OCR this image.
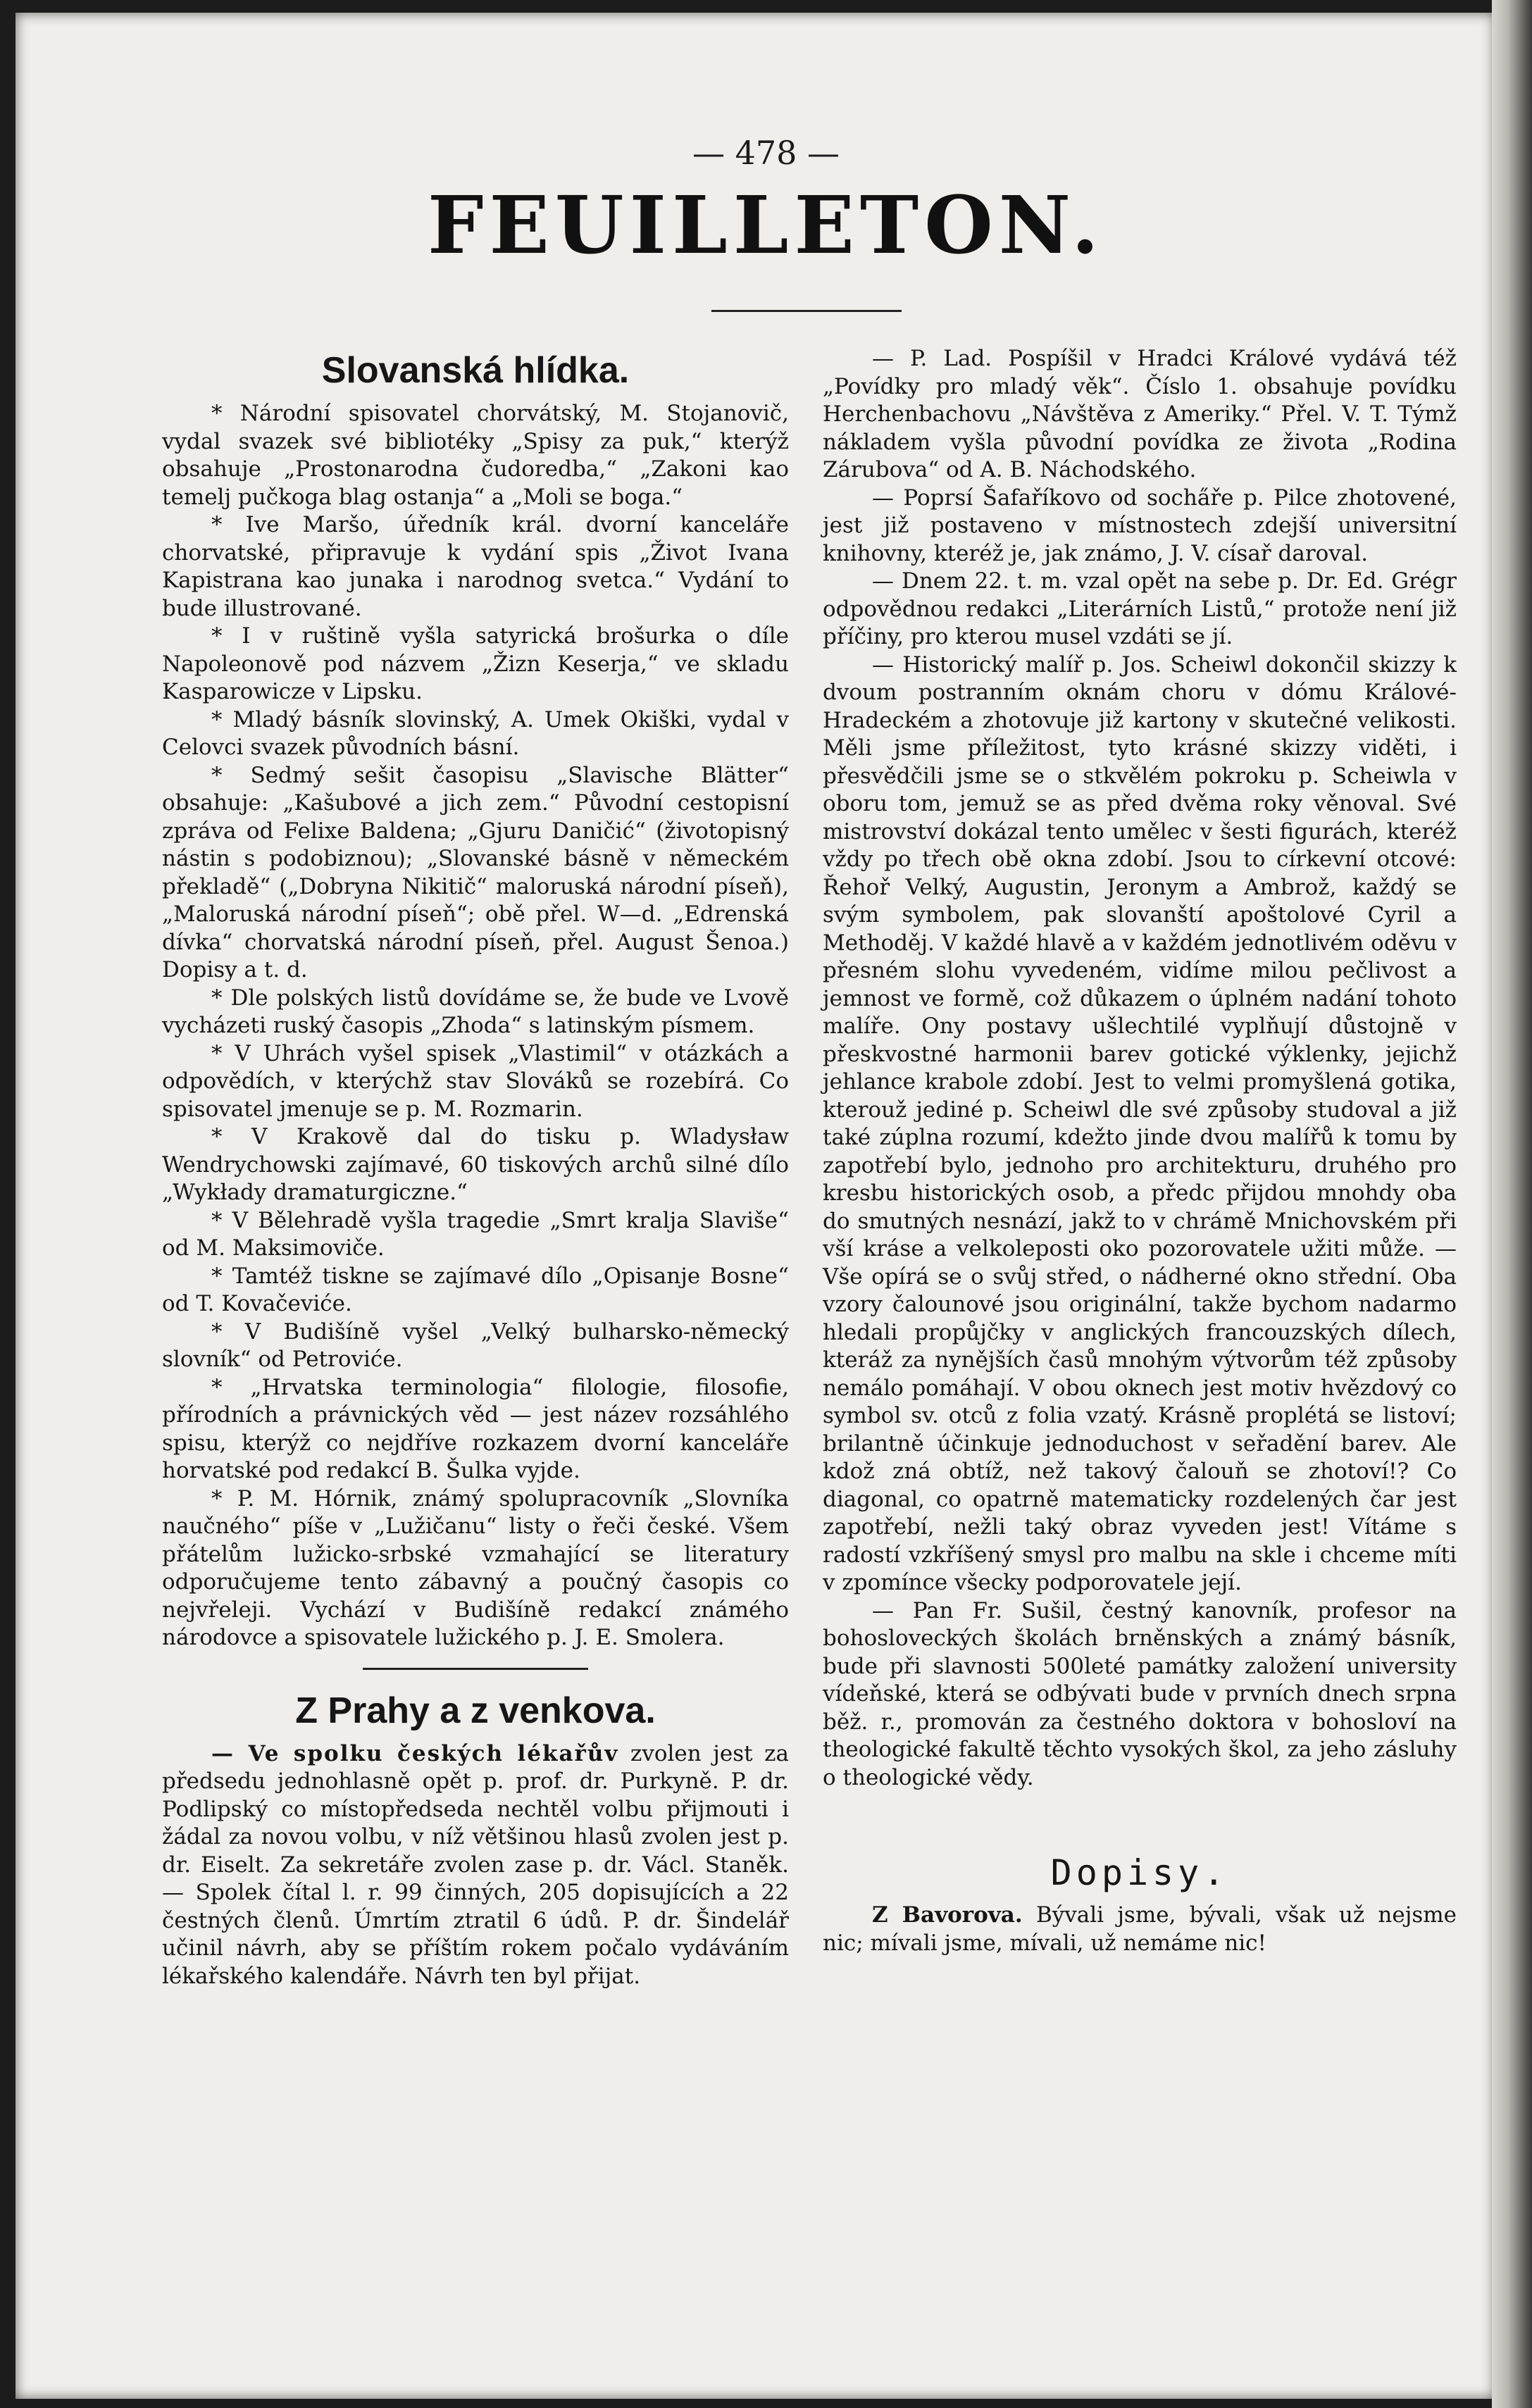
— 478 —
FEUILLETON.
Slovanská hlídka.

* Národní spisovatel chorvátský, M. Stojanovič, vydal svazek své bibliotéky „Spisy za puk,“ kterýž obsahuje „Prostonarodna čudoredba,“ „Zakoni kao temelj pučkoga blag ostanja“ a „Moli se boga.“

* Ive Maršo, úředník král. dvorní kanceláře chorvatské, připravuje k vydání spis „Život Ivana Kapistrana kao junaka i narodnog svetca.“ Vydání to bude illustrované.

* I v ruštině vyšla satyrická brošurka o díle Napoleonově pod názvem „Žizn Keserja,“ ve skladu Kasparowicze v Lipsku.

* Mladý básník slovinský, A. Umek Okiški, vydal v Celovci svazek původních básní.

* Sedmý sešit časopisu „Slavische Blätter“ obsahuje: „Kašubové a jich zem.“ Původní cestopisní zpráva od Felixe Baldena; „Gjuru Daničić“ (životopisný nástin s podobiznou); „Slovanské básně v německém překladě“ („Dobryna Nikitič“ maloruská národní píseň), „Maloruská národní píseň“; obě přel. W—d. „Edrenská dívka“ chorvatská národní píseň, přel. August Šenoa.) Dopisy a t. d.

* Dle polských listů dovídáme se, že bude ve Lvově vycházeti ruský časopis „Zhoda“ s latinským písmem.

* V Uhrách vyšel spisek „Vlastimil“ v otázkách a odpovědích, v kterýchž stav Slováků se rozebírá. Co spisovatel jmenuje se p. M. Rozmarin.

* V Krakově dal do tisku p. Wladysław Wendrychowski zajímavé, 60 tiskových archů silné dílo „Wykłady dramaturgiczne.“

* V Bělehradě vyšla tragedie „Smrt kralja Slaviše“ od M. Maksimoviče.

* Tamtéž tiskne se zajímavé dílo „Opisanje Bosne“ od T. Kovačeviće.

* V Budišíně vyšel „Velký bulharsko-německý slovník“ od Petroviće.

* „Hrvatska terminologia“ filologie, filosofie, přírodních a právnických věd — jest název rozsáhlého spisu, kterýž co nejdříve rozkazem dvorní kanceláře horvatské pod redakcí B. Šulka vyjde.

* P. M. Hórnik, známý spolupracovník „Slovníka naučného“ píše v „Lužičanu“ listy o řeči české. Všem přátelům lužicko-srbské vzmahající se literatury odporučujeme tento zábavný a poučný časopis co nejvřeleji. Vychází v Budišíně redakcí známého národovce a spisovatele lužického p. J. E. Smolera.

Z Prahy a z venkova.

— Ve spolku českých lékařův zvolen jest za předsedu jednohlasně opět p. prof. dr. Purkyně. P. dr. Podlipský co místopředseda nechtěl volbu přijmouti i žádal za novou volbu, v níž většinou hlasů zvolen jest p. dr. Eiselt. Za sekretáře zvolen zase p. dr. Václ. Staněk. — Spolek čítal l. r. 99 činných, 205 dopisujících a 22 čestných členů. Úmrtím ztratil 6 údů. P. dr. Šindelář učinil návrh, aby se příštím rokem počalo vydáváním lékařského kalendáře. Návrh ten byl přijat.

— P. Lad. Pospíšil v Hradci Králové vydává též „Povídky pro mladý věk“. Číslo 1. obsahuje povídku Herchenbachovu „Návštěva z Ameriky.“ Přel. V. T. Týmž nákladem vyšla původní povídka ze života „Rodina Zárubova“ od A. B. Náchodského.

— Poprsí Šafaříkovo od socha̋ře p. Pilce zhotovené, jest již postaveno v místnostech zdejší universitní knihovny, kteréž je, jak známo, J. V. císař daroval.

— Dnem 22. t. m. vzal opět na sebe p. Dr. Ed. Grégr odpovědnou redakci „Literárních Listů,“ protože není již příčiny, pro kterou musel vzdáti se jí.

— Historický malíř p. Jos. Scheiwl dokončil skizzy k dvoum postranním oknám choru v dómu Králové-Hradeckém a zhotovuje již kartony v skutečné velikosti. Měli jsme příležitost, tyto krásné skizzy viděti, i přesvědčili jsme se o stkvělém pokroku p. Scheiwla v oboru tom, jemuž se as před dvěma roky věnoval. Své mistrovství dokázal tento umělec v šesti figurách, kteréž vždy po třech obě okna zdobí. Jsou to církevní otcové: Řehoř Velký, Augustin, Jeronym a Ambrož, každý se svým symbolem, pak slovanští apoštolové Cyril a Methoděj. V každé hlavě a v každém jednotlivém oděvu v přesném slohu vyvedeném, vidíme milou pečlivost a jemnost ve formě, což důkazem o úplném nadání tohoto malíře. Ony postavy ušlechtilé vyplňují důstojně v přeskvostné harmonii barev gotické výklenky, jejichž jehlance krabole zdobí. Jest to velmi promyšlená gotika, kterouž jediné p. Scheiwl dle své způsoby studoval a již také zúplna rozumí, kdežto jinde dvou malířů k tomu by zapotřebí bylo, jednoho pro architekturu, druhého pro kresbu historických osob, a předc přijdou mnohdy oba do smutných nesnází, jakž to v chrámě Mnichovském při vší kráse a velkoleposti oko pozorovatele užiti může. — Vše opírá se o svůj střed, o nádherné okno střední. Oba vzory čalounové jsou originální, takže bychom nadarmo hledali propůjčky v anglických francouzských dílech, kteráž za nynějších časů mnohým výtvorům též způsoby nemálo pomáhají. V obou oknech jest motiv hvězdový co symbol sv. otců z folia vzatý. Krásně proplétá se listoví; brilantně účinkuje jednoduchost v seřadění barev. Ale kdož zná obtíž, než takový čalouň se zhotoví!? Co diagonal, co opatrně matematicky rozdelených čar jest zapotřebí, nežli taký obraz vyveden jest! Vítáme s radostí vzkříšený smysl pro malbu na skle i chceme míti v zpomínce všecky podporovatele její.

— Pan Fr. Sušil, čestný kanovník, profesor na bohosloveckých školách brněnských a známý básník, bude při slavnosti 500leté památky založení university vídeňské, která se odbývati bude v prvních dnech srpna běž. r., promován za čestného doktora v bohosloví na theologické fakultě těchto vysokých škol, za jeho zásluhy o theologické vědy.

Dopisy.

Z Bavorova. Bývali jsme, bývali, však už nejsme nic; mívali jsme, mívali, už nemáme nic!
